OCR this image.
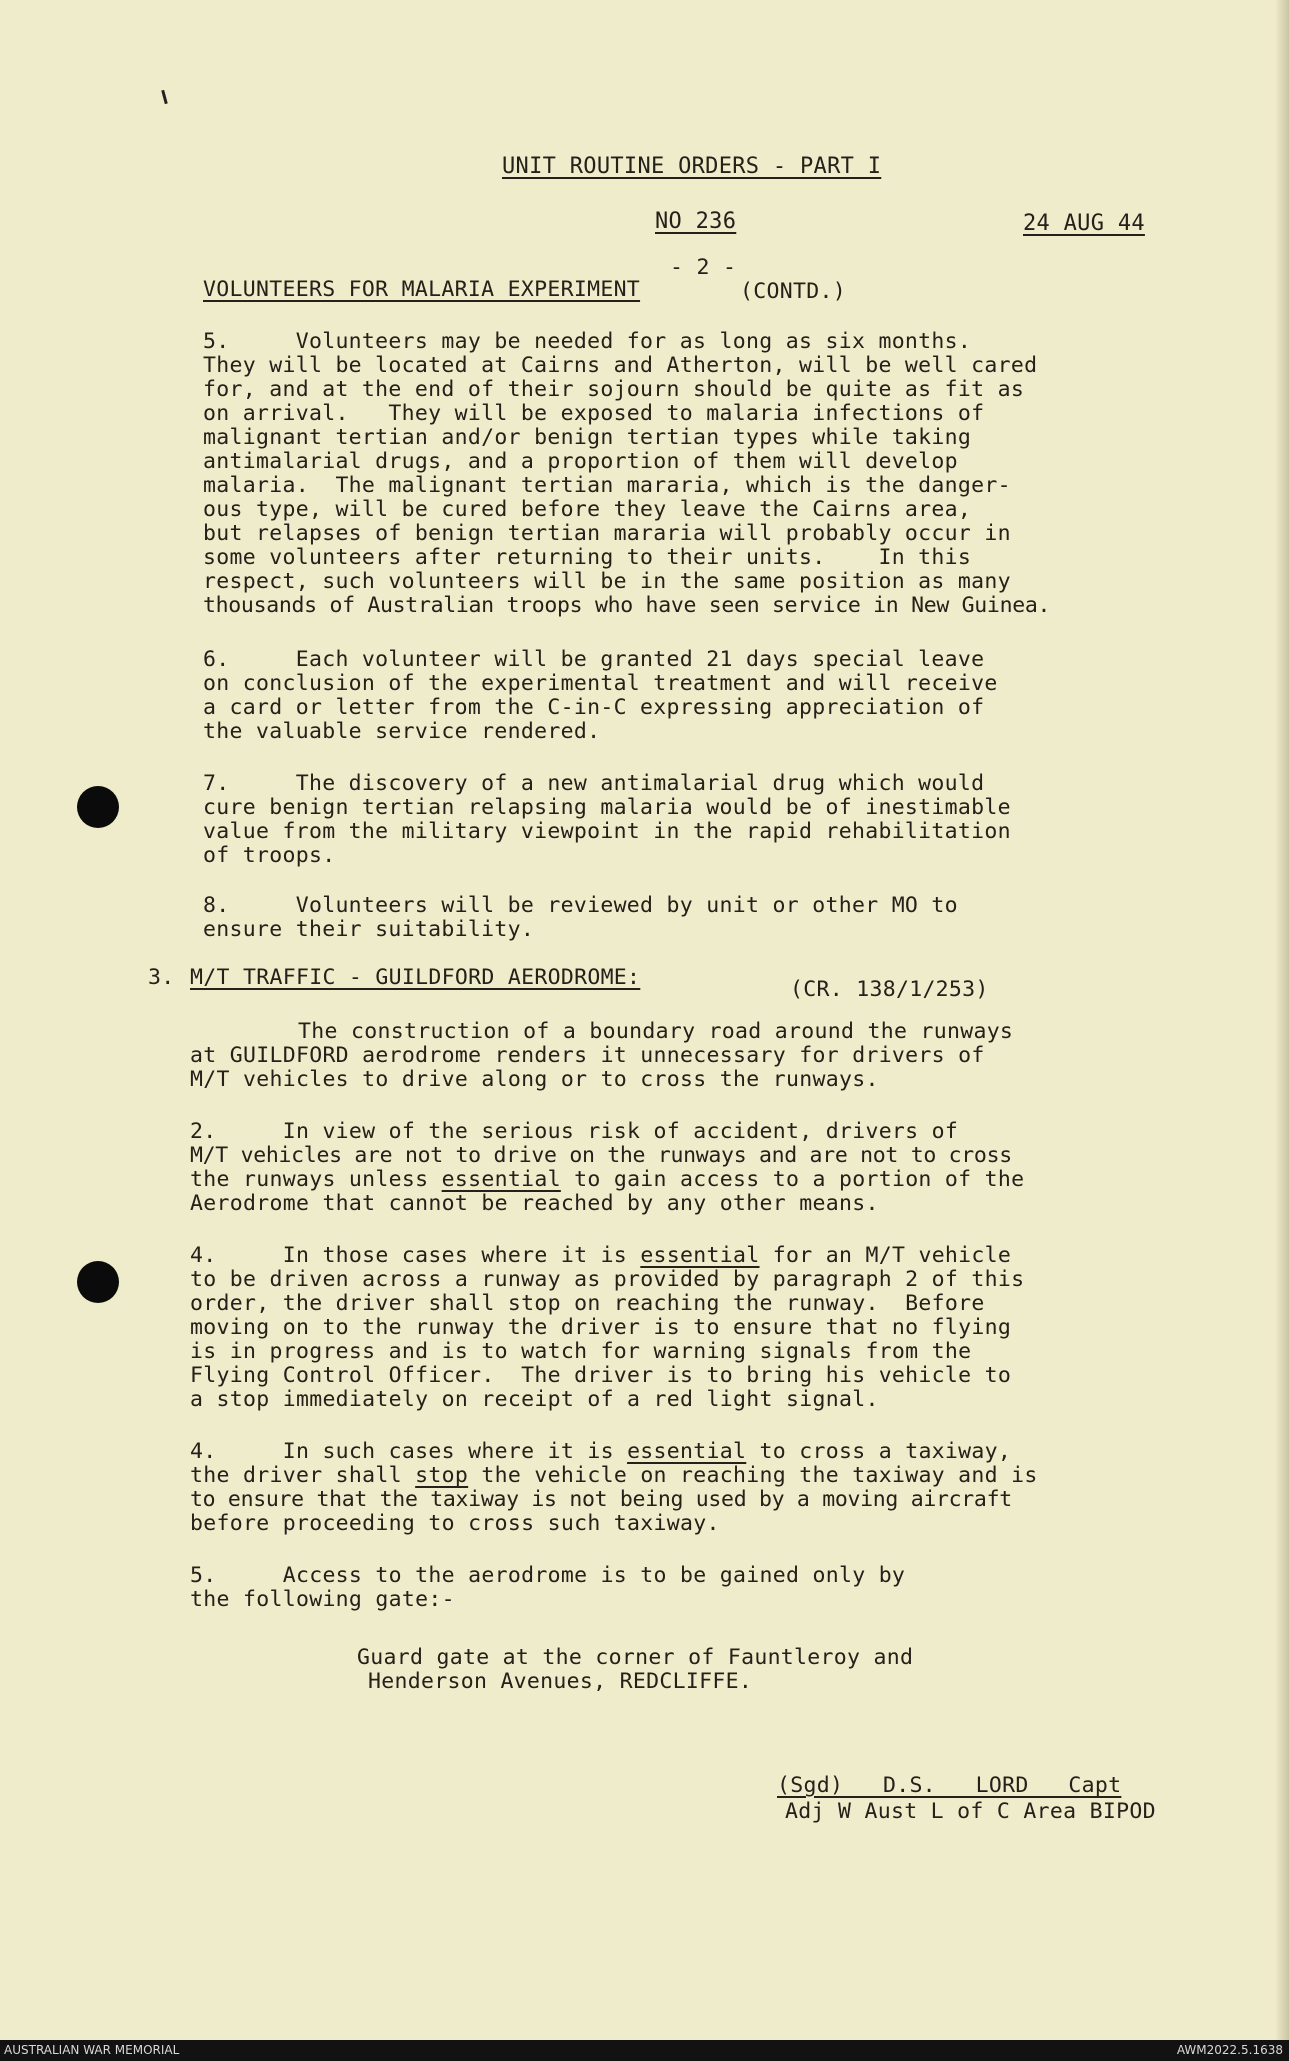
UNIT ROUTINE ORDERS - PART I
NO 236	24 AUG 44
- 2 -
VOLUNTEERS FOR MALARIA EXPERIMENT	(CONTD.)
5.     Volunteers may be needed for as long as six months.
They will be located at Cairns and Atherton, will be well cared
for, and at the end of their sojourn should be quite as fit as
on arrival.   They will be exposed to malaria infections of
malignant tertian and/or benign tertian types while taking
antimalarial drugs, and a proportion of them will develop
malaria.  The malignant tertian mararia, which is the danger-
ous type, will be cured before they leave the Cairns area,
but relapses of benign tertian mararia will probably occur in
some volunteers after returning to their units.    In this
respect, such volunteers will be in the same position as many
thousands of Australian troops who have seen service in New Guinea.
6.     Each volunteer will be granted 21 days special leave
on conclusion of the experimental treatment and will receive
a card or letter from the C-in-C expressing appreciation of
the valuable service rendered.
7.     The discovery of a new antimalarial drug which would
cure benign tertian relapsing malaria would be of inestimable
value from the military viewpoint in the rapid rehabilitation
of troops.
8.     Volunteers will be reviewed by unit or other MO to
ensure their suitability.
3. M/T TRAFFIC - GUILDFORD AERODROME:	(CR. 138/1/253)
The construction of a boundary road around the runways
at GUILDFORD aerodrome renders it unnecessary for drivers of
M/T vehicles to drive along or to cross the runways.
2.     In view of the serious risk of accident, drivers of
M/T vehicles are not to drive on the runways and are not to cross
the runways unless essential to gain access to a portion of the
Aerodrome that cannot be reached by any other means.
4.     In those cases where it is essential for an M/T vehicle
to be driven across a runway as provided by paragraph 2 of this
order, the driver shall stop on reaching the runway.  Before
moving on to the runway the driver is to ensure that no flying
is in progress and is to watch for warning signals from the
Flying Control Officer.  The driver is to bring his vehicle to
a stop immediately on receipt of a red light signal.
4.     In such cases where it is essential to cross a taxiway,
the driver shall stop the vehicle on reaching the taxiway and is
to ensure that the taxiway is not being used by a moving aircraft
before proceeding to cross such taxiway.
5.     Access to the aerodrome is to be gained only by
the following gate:-
Guard gate at the corner of Fauntleroy and
Henderson Avenues, REDCLIFFE.
(Sgd)   D.S.   LORD   Capt
Adj W Aust L of C Area BIPOD
AUSTRALIAN WAR MEMORIAL	AWM2022.5.1638
